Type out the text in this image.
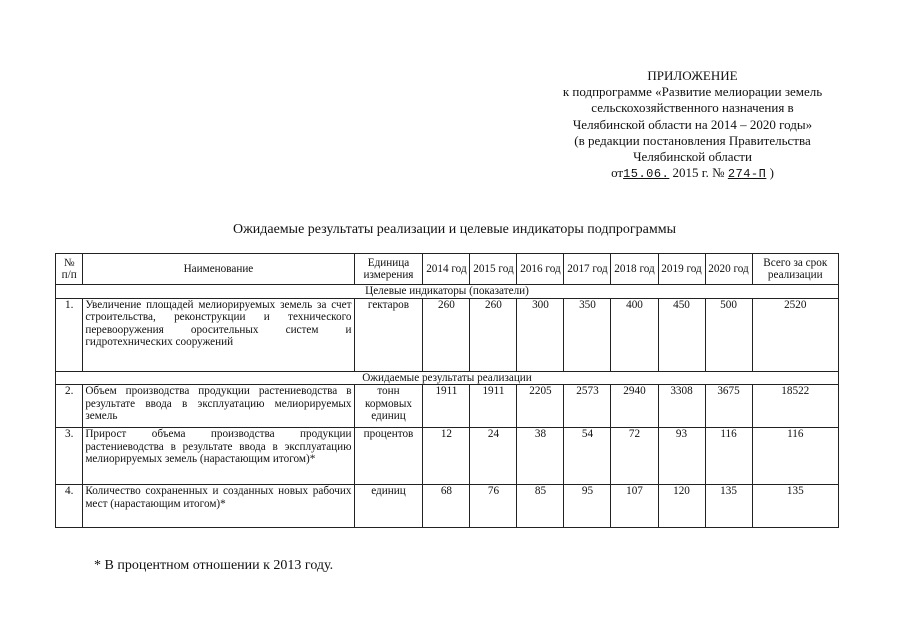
ПРИЛОЖЕНИЕ
к подпрограмме «Развитие мелиорации земель
сельскохозяйственного назначения в
Челябинской области на 2014 – 2020 годы»
(в редакции постановления Правительства
Челябинской области
от15.06. 2015 г. № 274-П )
Ожидаемые результаты реализации и целевые индикаторы подпрограммы
№ п/п	Наименование	Единица измерения	2014 год	2015 год	2016 год	2017 год	2018 год	2019 год	2020 год	Всего за срок реализации
Целевые индикаторы (показатели)										
1.	Увеличение площадей мелиорируемых земель за счет строительства, реконструкции и технического перевооружения оросительных систем и гидротехнических сооружений	гектаров	260	260	300	350	400	450	500	2520
Ожидаемые результаты реализации										
2.	Объем производства продукции растениеводства в результате ввода в эксплуатацию мелиорируемых земель	тонн кормовых единиц	1911	1911	2205	2573	2940	3308	3675	18522
3.	Прирост объема производства продукции растениеводства в результате ввода в эксплуатацию мелиорируемых земель (нарастающим итогом)*	процентов	12	24	38	54	72	93	116	116
4.	Количество сохраненных и созданных новых рабочих мест (нарастающим итогом)*	единиц	68	76	85	95	107	120	135	135
* В процентном отношении к 2013 году.
